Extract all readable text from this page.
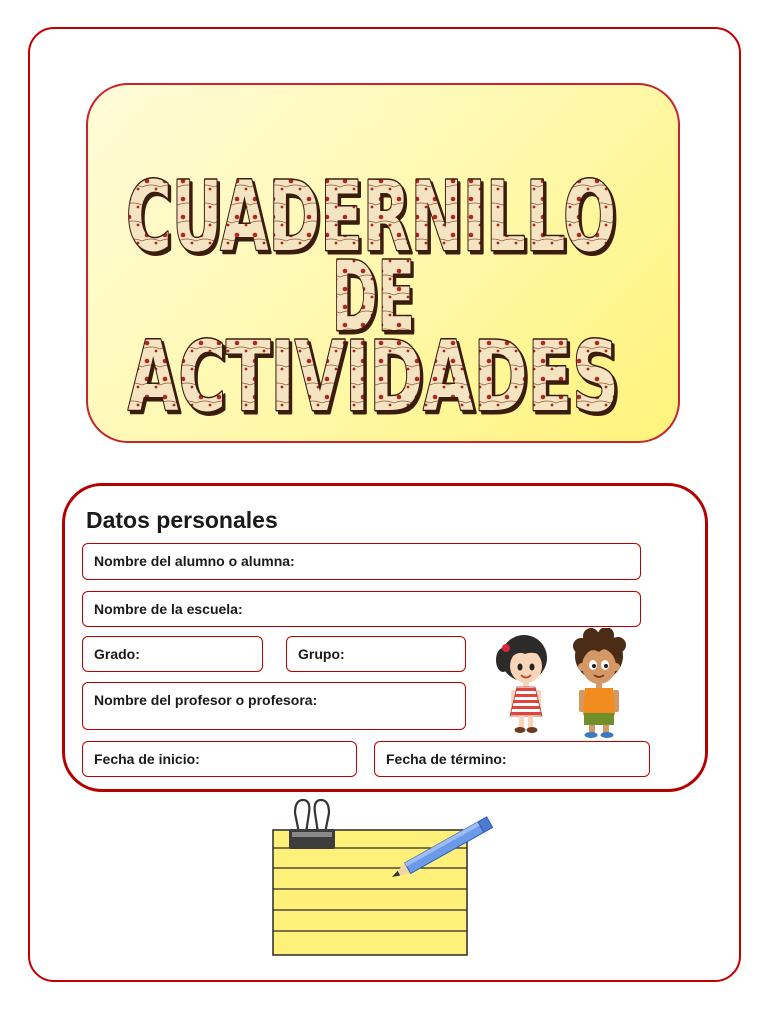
CUADERNILLO
DE
ACTIVIDADES
Datos personales
Nombre del alumno o alumna:
Nombre de la escuela:
Grado:	Grupo:
Nombre del profesor o profesora:
Fecha de inicio:	Fecha de término:
